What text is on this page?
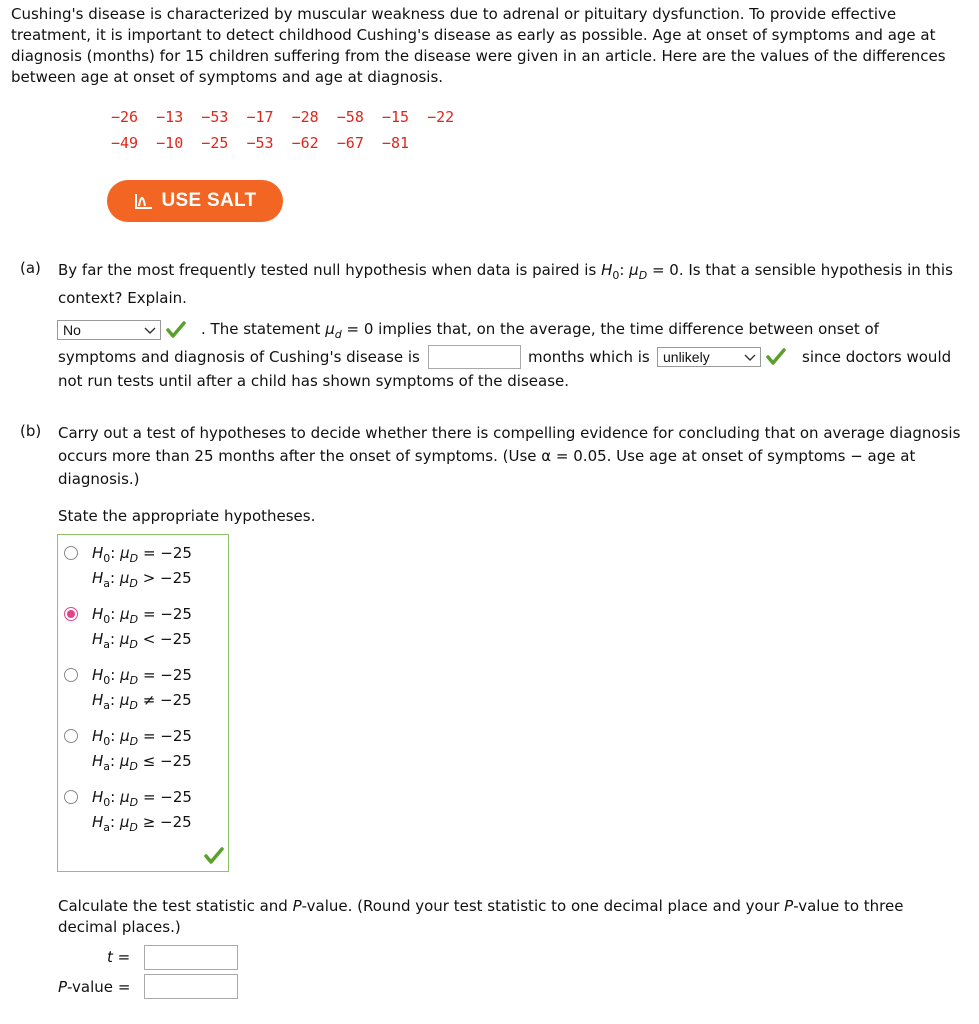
Cushing's disease is characterized by muscular weakness due to adrenal or pituitary dysfunction. To provide effective treatment, it is important to detect childhood Cushing's disease as early as possible. Age at onset of symptoms and age at diagnosis (months) for 15 children suffering from the disease were given in an article. Here are the values of the differences between age at onset of symptoms and age at diagnosis.
−26  −13  −53  −17  −28  −58  −15  −22
−49  −10  −25  −53  −62  −67  −81
USE SALT
(a) By far the most frequently tested null hypothesis when data is paired is $H_0$: $\mu_D = 0$. Is that a sensible hypothesis in this context? Explain.
No	. The statement $\mu_d = 0$ implies that, on the average, the time difference between onset of
symptoms and diagnosis of Cushing's disease is	months which is unlikely	since doctors would
not run tests until after a child has shown symptoms of the disease.
(b) Carry out a test of hypotheses to decide whether there is compelling evidence for concluding that on average diagnosis occurs more than 25 months after the onset of symptoms. (Use α = 0.05. Use age at onset of symptoms − age at diagnosis.)
State the appropriate hypotheses.
$H_0$: $\mu_D = -25$
$H_a$: $\mu_D > -25$
$H_0$: $\mu_D = -25$
$H_a$: $\mu_D < -25$
$H_0$: $\mu_D = -25$
$H_a$: $\mu_D \ne -25$
$H_0$: $\mu_D = -25$
$H_a$: $\mu_D \le -25$
$H_0$: $\mu_D = -25$
$H_a$: $\mu_D \ge -25$
Calculate the test statistic and P-value. (Round your test statistic to one decimal place and your P-value to three decimal places.)
t =
P-value =
